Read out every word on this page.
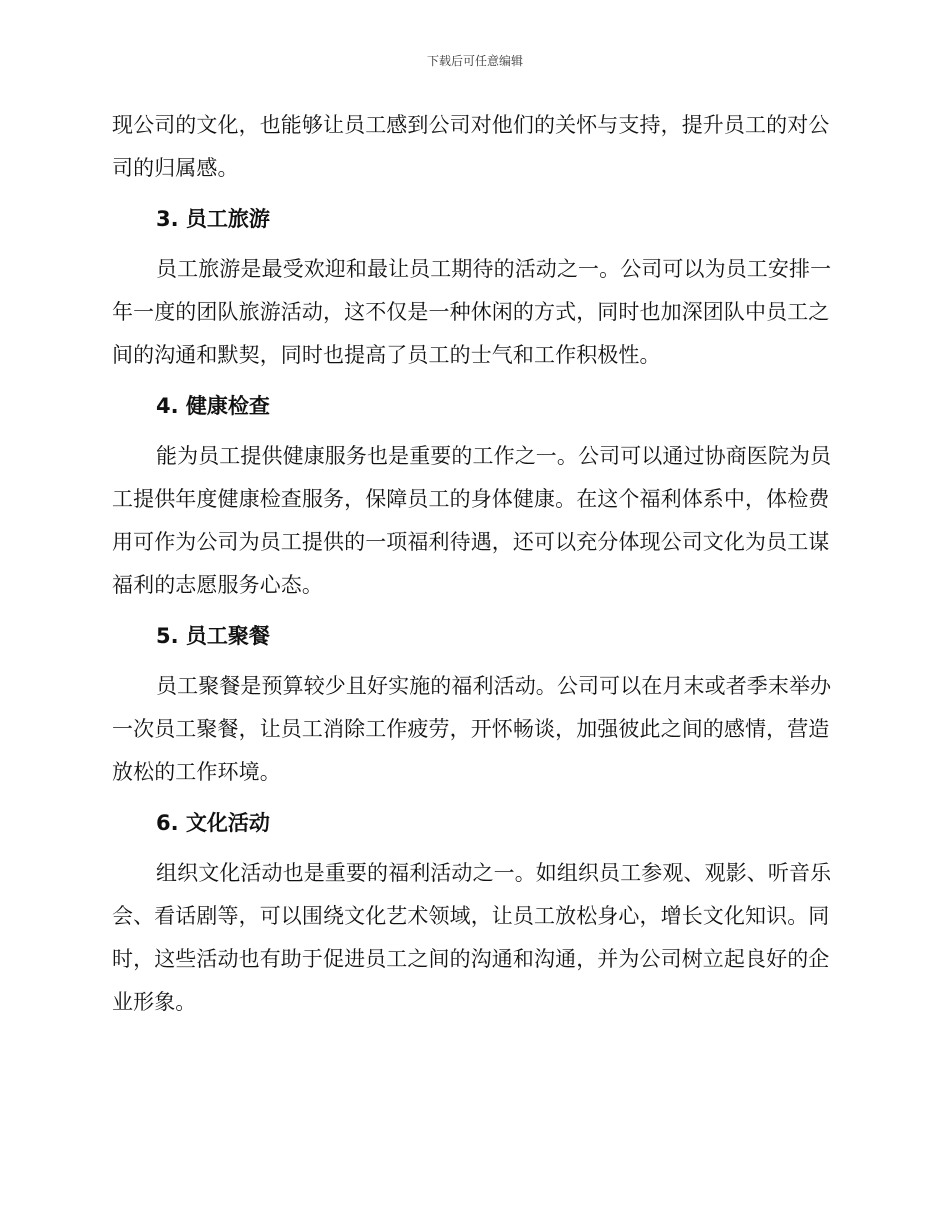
下载后可任意编辑

现公司的文化，也能够让员工感到公司对他们的关怀与支持，提升员工的对公司的归属感。

3. 员工旅游

员工旅游是最受欢迎和最让员工期待的活动之一。公司可以为员工安排一年一度的团队旅游活动，这不仅是一种休闲的方式，同时也加深团队中员工之间的沟通和默契，同时也提高了员工的士气和工作积极性。

4. 健康检查

能为员工提供健康服务也是重要的工作之一。公司可以通过协商医院为员工提供年度健康检查服务，保障员工的身体健康。在这个福利体系中，体检费用可作为公司为员工提供的一项福利待遇，还可以充分体现公司文化为员工谋福利的志愿服务心态。

5. 员工聚餐

员工聚餐是预算较少且好实施的福利活动。公司可以在月末或者季末举办一次员工聚餐，让员工消除工作疲劳，开怀畅谈，加强彼此之间的感情，营造放松的工作环境。

6. 文化活动

组织文化活动也是重要的福利活动之一。如组织员工参观、观影、听音乐会、看话剧等，可以围绕文化艺术领域，让员工放松身心，增长文化知识。同时，这些活动也有助于促进员工之间的沟通和沟通，并为公司树立起良好的企业形象。
